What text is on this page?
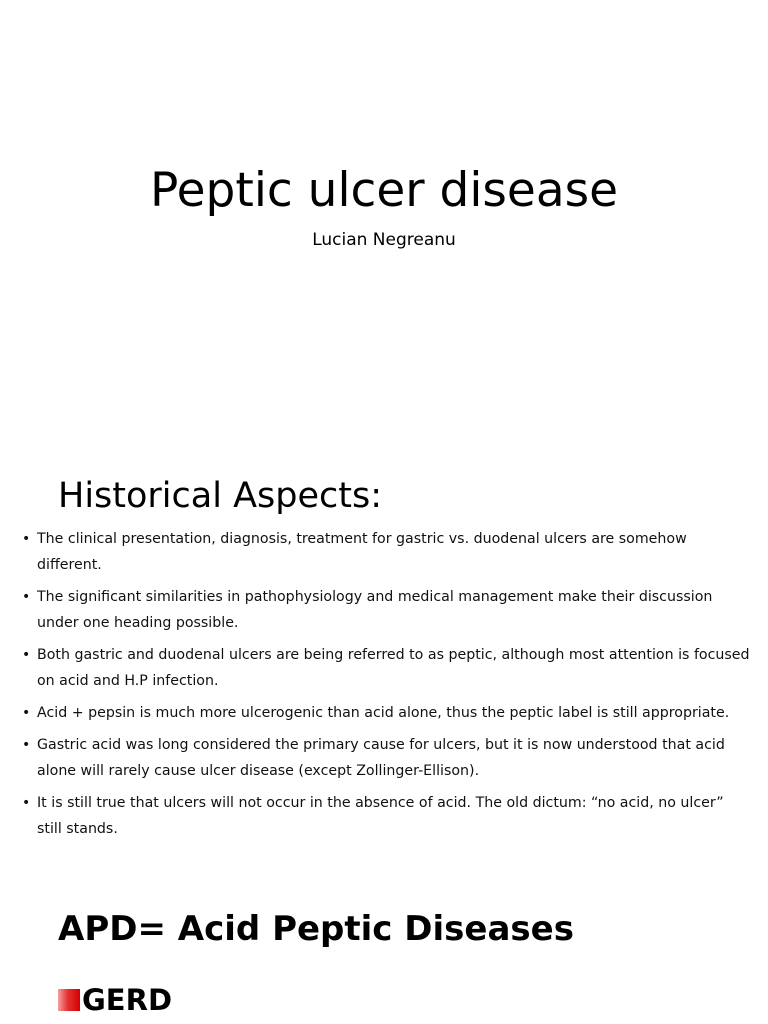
Peptic ulcer disease
Lucian Negreanu
Historical Aspects:
• The clinical presentation, diagnosis, treatment for gastric vs. duodenal ulcers are somehow different.
• The significant similarities in pathophysiology and medical management make their discussion under one heading possible.
• Both gastric and duodenal ulcers are being referred to as peptic, although most attention is focused on acid and H.P infection.
• Acid + pepsin is much more ulcerogenic than acid alone, thus the peptic label is still appropriate.
• Gastric acid was long considered the primary cause for ulcers, but it is now understood that acid alone will rarely cause ulcer disease (except Zollinger-Ellison).
• It is still true that ulcers will not occur in the absence of acid. The old dictum: “no acid, no ulcer” still stands.
APD= Acid Peptic Diseases
GERD
